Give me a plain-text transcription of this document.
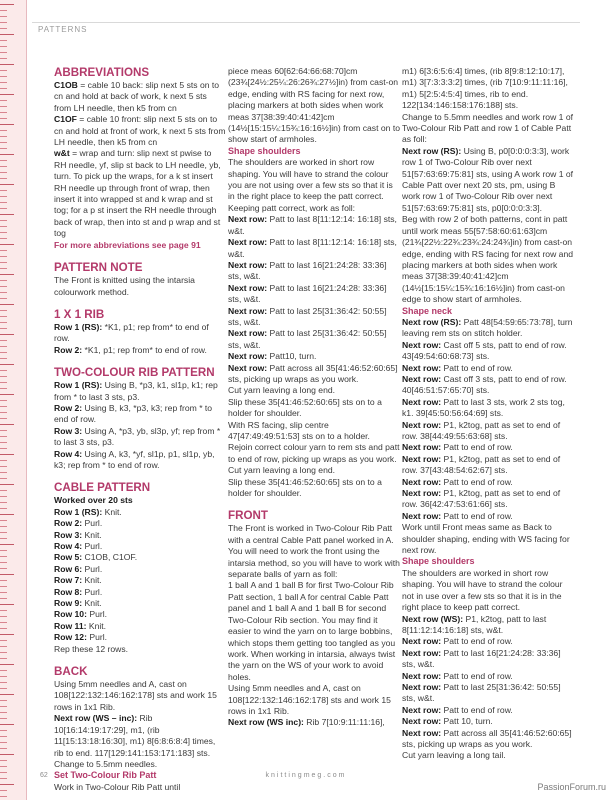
PATTERNS
ABBREVIATIONS
C1OB = cable 10 back: slip next 5 sts on to cn and hold at back of work, k next 5 sts from LH needle, then k5 from cn
C1OF = cable 10 front: slip next 5 sts on to cn and hold at front of work, k next 5 sts from LH needle, then k5 from cn
w&t = wrap and turn: slip next st pwise to RH needle, yf, slip st back to LH needle, yb, turn. To pick up the wraps, for a k st insert RH needle up through front of wrap, then insert it into wrapped st and k wrap and st tog; for a p st insert the RH needle through back of wrap, then into st and p wrap and st tog
For more abbreviations see page 91
PATTERN NOTE
The Front is knitted using the intarsia colourwork method.
1 X 1 RIB
Row 1 (RS): *K1, p1; rep from* to end of row.
Row 2: *K1, p1; rep from* to end of row.
TWO-COLOUR RIB PATTERN
Row 1 (RS): Using B, *p3, k1, sl1p, k1; rep from * to last 3 sts, p3.
Row 2: Using B, k3, *p3, k3; rep from * to end of row.
Row 3: Using A, *p3, yb, sl3p, yf; rep from * to last 3 sts, p3.
Row 4: Using A, k3, *yf, sl1p, p1, sl1p, yb, k3; rep from * to end of row.
CABLE PATTERN
Worked over 20 sts
Row 1 (RS): Knit.
Row 2: Purl.
Row 3: Knit.
Row 4: Purl.
Row 5: C1OB, C1OF.
Row 6: Purl.
Row 7: Knit.
Row 8: Purl.
Row 9: Knit.
Row 10: Purl.
Row 11: Knit.
Row 12: Purl.
Rep these 12 rows.
BACK
Using 5mm needles and A, cast on 108[122:132:146:162:178] sts and work 15 rows in 1x1 Rib.
Next row (WS – inc): Rib 10[16:14:19:17:29], m1, (rib 11[15:13:18:16:30], m1) 8[6:8:6:8:4] times, rib to end. 117[129:141:153:171:183] sts. Change to 5.5mm needles.
Set Two-Colour Rib Patt
Work in Two-Colour Rib Patt until
piece meas 60[62:64:66:68:70]cm (23¾[24½:25¼:26:26¾:27½]in) from cast-on edge, ending with RS facing for next row, placing markers at both sides when work meas 37[38:39:40:41:42]cm (14½[15:15¼:15¾:16:16½]in) from cast on to show start of armholes.
Shape shoulders
The shoulders are worked in short row shaping. You will have to strand the colour you are not using over a few sts so that it is in the right place to keep the patt correct.
Keeping patt correct, work as foll:
Next row: Patt to last 8[11:12:14: 16:18] sts, w&t.
Next row: Patt to last 8[11:12:14: 16:18] sts, w&t.
Next row: Patt to last 16[21:24:28: 33:36] sts, w&t.
Next row: Patt to last 16[21:24:28: 33:36] sts, w&t.
Next row: Patt to last 25[31:36:42: 50:55] sts, w&t.
Next row: Patt to last 25[31:36:42: 50:55] sts, w&t.
Next row: Patt10, turn.
Next row: Patt across all 35[41:46:52:60:65] sts, picking up wraps as you work.
Cut yarn leaving a long end.
Slip these 35[41:46:52:60:65] sts on to a holder for shoulder.
With RS facing, slip centre 47[47:49:49:51:53] sts on to a holder.
Rejoin correct colour yarn to rem sts and patt to end of row, picking up wraps as you work. Cut yarn leaving a long end.
Slip these 35[41:46:52:60:65] sts on to a holder for shoulder.
FRONT
The Front is worked in Two-Colour Rib Patt with a central Cable Patt panel worked in A. You will need to work the front using the intarsia method, so you will have to work with separate balls of yarn as foll:
1 ball A and 1 ball B for first Two-Colour Rib Patt section, 1 ball A for central Cable Patt panel and 1 ball A and 1 ball B for second Two-Colour Rib section. You may find it easier to wind the yarn on to large bobbins, which stops them getting too tangled as you work. When working in intarsia, always twist the yarn on the WS of your work to avoid holes.
Using 5mm needles and A, cast on 108[122:132:146:162:178] sts and work 15 rows in 1x1 Rib.
Next row (WS inc): Rib 7[10:9:11:11:16],
m1) 6[3:6:5:6:4] times, (rib 8[9:8:12:10:17], m1) 3[7:3:3:3:2] times, (rib 7[10:9:11:11:16], m1) 5[2:5:4:5:4] times, rib to end. 122[134:146:158:176:188] sts.
Change to 5.5mm needles and work row 1 of Two-Colour Rib Patt and row 1 of Cable Patt as foll:
Next row (RS): Using B, p0[0:0:0:3:3], work row 1 of Two-Colour Rib over next 51[57:63:69:75:81] sts, using A work row 1 of Cable Patt over next 20 sts, pm, using B work row 1 of Two-Colour Rib over next 51[57:63:69:75:81] sts, p0[0:0:0:3:3].
Beg with row 2 of both patterns, cont in patt until work meas 55[57:58:60:61:63]cm (21¾[22½:22¾:23¾:24:24¾]in) from cast-on edge, ending with RS facing for next row and placing markers at both sides when work meas 37[38:39:40:41:42]cm (14½[15:15¼:15¾:16:16½]in) from cast-on edge to show start of armholes.
Shape neck
Next row (RS): Patt 48[54:59:65:73:78], turn leaving rem sts on stitch holder.
Next row: Cast off 5 sts, patt to end of row. 43[49:54:60:68:73] sts.
Next row: Patt to end of row.
Next row: Cast off 3 sts, patt to end of row. 40[46:51:57:65:70] sts.
Next row: Patt to last 3 sts, work 2 sts tog, k1. 39[45:50:56:64:69] sts.
Next row: P1, k2tog, patt as set to end of row. 38[44:49:55:63:68] sts.
Next row: Patt to end of row.
Next row: P1, k2tog, patt as set to end of row. 37[43:48:54:62:67] sts.
Next row: Patt to end of row.
Next row: P1, k2tog, patt as set to end of row. 36[42:47:53:61:66] sts.
Next row: Patt to end of row.
Work until Front meas same as Back to shoulder shaping, ending with WS facing for next row.
Shape shoulders
The shoulders are worked in short row shaping. You will have to strand the colour not in use over a few sts so that it is in the right place to keep patt correct.
Next row (WS): P1, k2tog, patt to last 8[11:12:14:16:18] sts, w&t.
Next row: Patt to end of row.
Next row: Patt to last 16[21:24:28: 33:36] sts, w&t.
Next row: Patt to end of row.
Next row: Patt to last 25[31:36:42: 50:55] sts, w&t.
Next row: Patt to end of row.
Next row: Patt 10, turn.
Next row: Patt across all 35[41:46:52:60:65] sts, picking up wraps as you work.
Cut yarn leaving a long tail.
62	knittingmeg.com
PassionForum.ru
